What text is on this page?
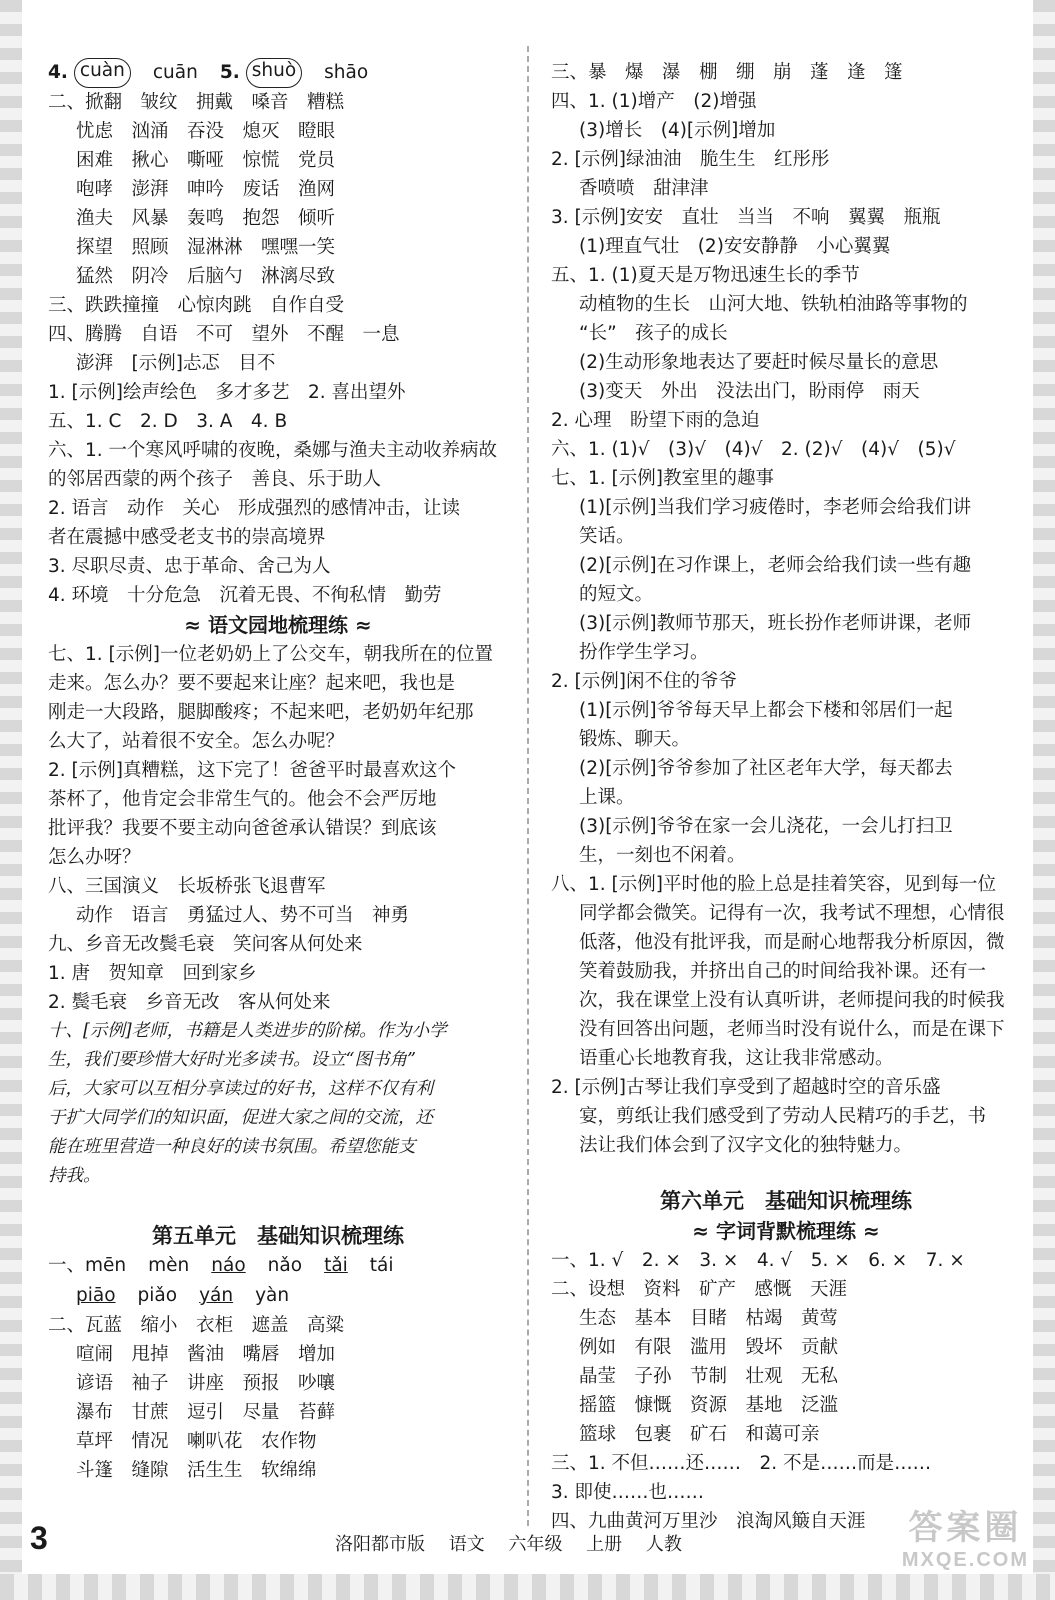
4. cuàn	cuān 5. shuò	shāo
二、掀翻　皱纹　拥戴　嗓音　糟糕
忧虑　汹涌　吞没　熄灭　瞪眼
困难　揪心　嘶哑　惊慌　党员
咆哮　澎湃　呻吟　废话　渔网
渔夫　风暴　轰鸣　抱怨　倾听
探望　照顾　湿淋淋　嘿嘿一笑
猛然　阴冷　后脑勺　淋漓尽致
三、跌跌撞撞　心惊肉跳　自作自受
四、腾腾　自语　不可　望外　不醒　一息
澎湃　[示例]忐忑　目不
1. [示例]绘声绘色　多才多艺　2. 喜出望外
五、1. C　2. D　3. A　4. B
六、1. 一个寒风呼啸的夜晚，桑娜与渔夫主动收养病故
的邻居西蒙的两个孩子　善良、乐于助人
2. 语言　动作　关心　形成强烈的感情冲击，让读
者在震撼中感受老支书的崇高境界
3. 尽职尽责、忠于革命、舍己为人
4. 环境　十分危急　沉着无畏、不徇私情　勤劳
≈ 语文园地梳理练 ≈
七、1. [示例]一位老奶奶上了公交车，朝我所在的位置
走来。怎么办？要不要起来让座？起来吧，我也是
刚走一大段路，腿脚酸疼；不起来吧，老奶奶年纪那
么大了，站着很不安全。怎么办呢？
2. [示例]真糟糕，这下完了！爸爸平时最喜欢这个
茶杯了，他肯定会非常生气的。他会不会严厉地
批评我？我要不要主动向爸爸承认错误？到底该
怎么办呀？
八、三国演义　长坂桥张飞退曹军
动作　语言　勇猛过人、势不可当　神勇
九、乡音无改鬓毛衰　笑问客从何处来
1. 唐　贺知章　回到家乡
2. 鬓毛衰　乡音无改　客从何处来
十、[示例]老师，书籍是人类进步的阶梯。作为小学
生，我们要珍惜大好时光多读书。设立“图书角”
后，大家可以互相分享读过的好书，这样不仅有利
于扩大同学们的知识面，促进大家之间的交流，还
能在班里营造一种良好的读书氛围。希望您能支
持我。
第五单元　基础知识梳理练
一、mēn mèn náo nǎo tǎi tái
piāo piǎo yán yàn
二、瓦蓝　缩小　衣柜　遮盖　高粱
喧闹　甩掉　酱油　嘴唇　增加
谚语　袖子　讲座　预报　吵嚷
瀑布　甘蔗　逗引　尽量　苔藓
草坪　情况　喇叭花　农作物
斗篷　缝隙　活生生　软绵绵
三、暴　爆　瀑　棚　绷　崩　蓬　逢　篷
四、1. (1)增产　(2)增强
(3)增长　(4)[示例]增加
2. [示例]绿油油　脆生生　红彤彤
香喷喷　甜津津
3. [示例]安安　直壮　当当　不响　翼翼　瓶瓶
(1)理直气壮　(2)安安静静　小心翼翼
五、1. (1)夏天是万物迅速生长的季节
动植物的生长　山河大地、铁轨柏油路等事物的
“长”　孩子的成长
(2)生动形象地表达了要赶时候尽量长的意思
(3)变天　外出　没法出门，盼雨停　雨天
2. 心理　盼望下雨的急迫
六、1. (1)√　(3)√　(4)√　2. (2)√　(4)√　(5)√
七、1. [示例]教室里的趣事
(1)[示例]当我们学习疲倦时，李老师会给我们讲
笑话。
(2)[示例]在习作课上，老师会给我们读一些有趣
的短文。
(3)[示例]教师节那天，班长扮作老师讲课，老师
扮作学生学习。
2. [示例]闲不住的爷爷
(1)[示例]爷爷每天早上都会下楼和邻居们一起
锻炼、聊天。
(2)[示例]爷爷参加了社区老年大学，每天都去
上课。
(3)[示例]爷爷在家一会儿浇花，一会儿打扫卫
生，一刻也不闲着。
八、1. [示例]平时他的脸上总是挂着笑容，见到每一位
同学都会微笑。记得有一次，我考试不理想，心情很
低落，他没有批评我，而是耐心地帮我分析原因，微
笑着鼓励我，并挤出自己的时间给我补课。还有一
次，我在课堂上没有认真听讲，老师提问我的时候我
没有回答出问题，老师当时没有说什么，而是在课下
语重心长地教育我，这让我非常感动。
2. [示例]古琴让我们享受到了超越时空的音乐盛
宴，剪纸让我们感受到了劳动人民精巧的手艺，书
法让我们体会到了汉字文化的独特魅力。
第六单元　基础知识梳理练
≈ 字词背默梳理练 ≈
一、1. √　2. ×　3. ×　4. √　5. ×　6. ×　7. ×
二、设想　资料　矿产　感慨　天涯
生态　基本　目睹　枯竭　黄莺
例如　有限　滥用　毁坏　贡献
晶莹　子孙　节制　壮观　无私
摇篮　慷慨　资源　基地　泛滥
篮球　包裹　矿石　和蔼可亲
三、1. 不但……还……　2. 不是……而是……
3. 即使……也……
四、九曲黄河万里沙　浪淘风簸自天涯
3	洛阳都市版 语文 六年级 上册 人教	答案圈
MXQE.COM
